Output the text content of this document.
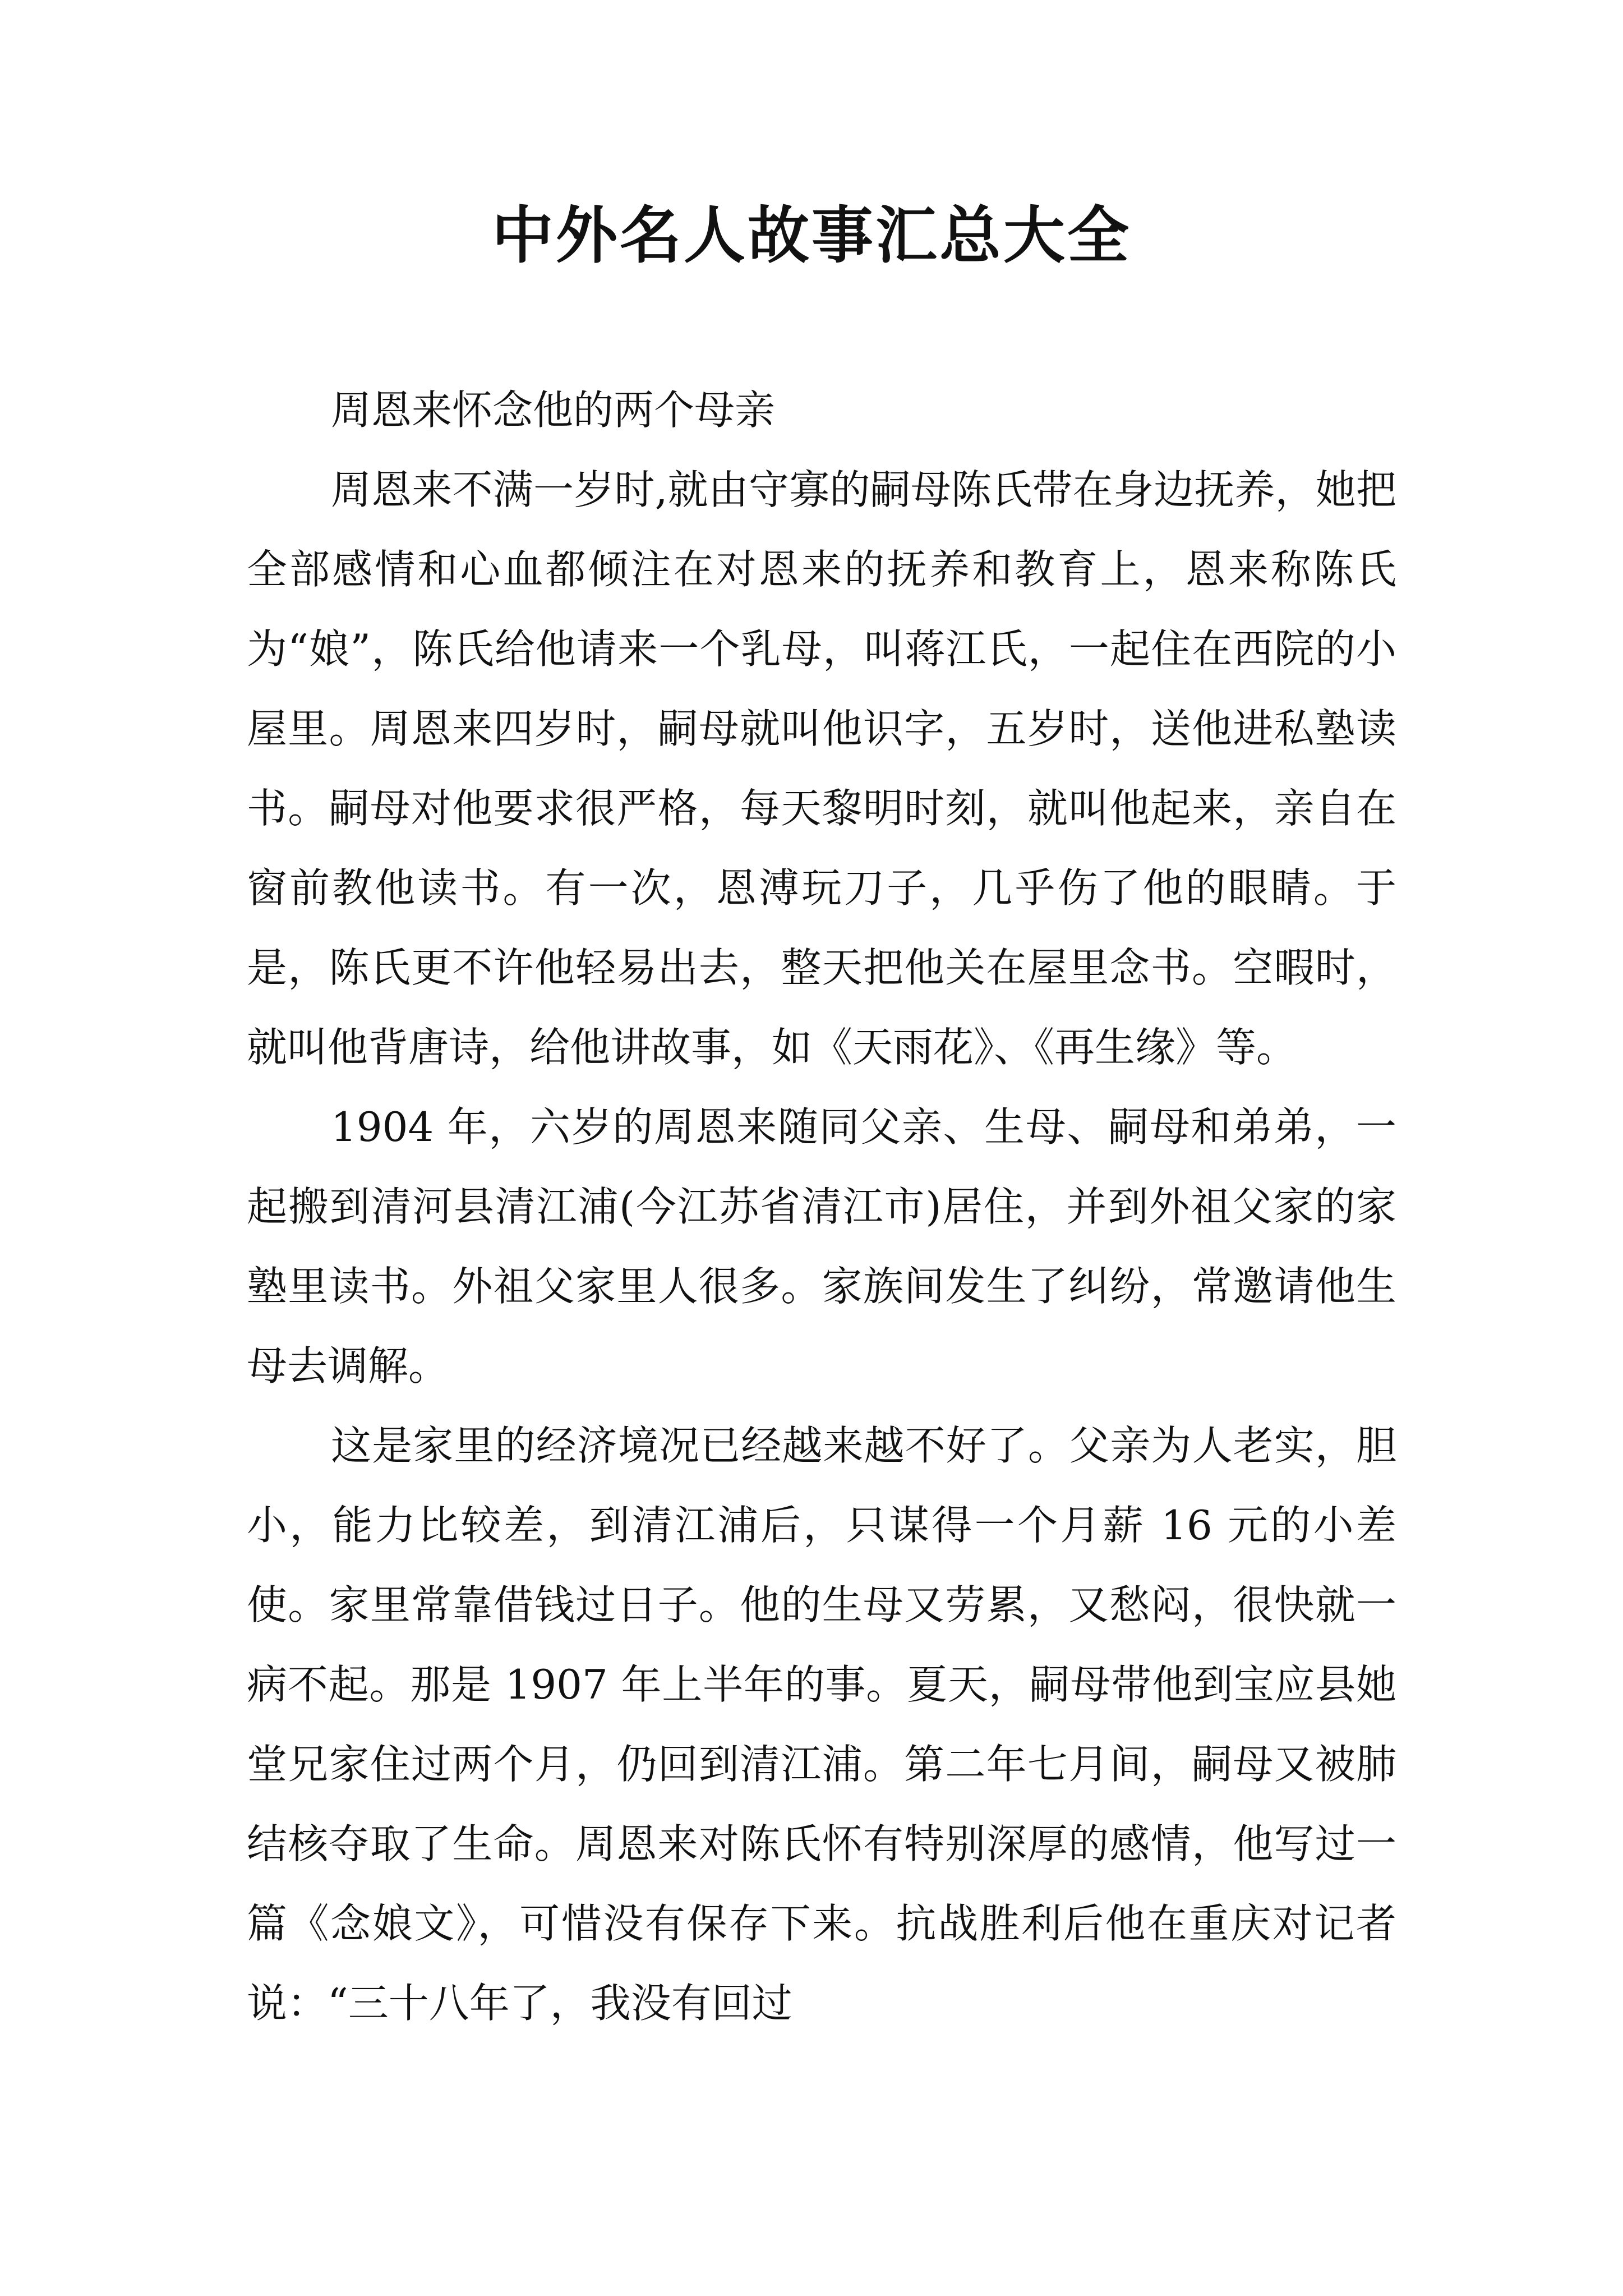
中外名人故事汇总大全

周恩来怀念他的两个母亲

周恩来不满一岁时,就由守寡的嗣母陈氏带在身边抚养，她把全部感情和心血都倾注在对恩来的抚养和教育上，恩来称陈氏为“娘”，陈氏给他请来一个乳母，叫蒋江氏，一起住在西院的小屋里。周恩来四岁时，嗣母就叫他识字，五岁时，送他进私塾读书。嗣母对他要求很严格，每天黎明时刻，就叫他起来，亲自在窗前教他读书。有一次，恩溥玩刀子，几乎伤了他的眼睛。于是，陈氏更不许他轻易出去，整天把他关在屋里念书。空暇时，就叫他背唐诗，给他讲故事，如《天雨花》、《再生缘》等。

1904 年，六岁的周恩来随同父亲、生母、嗣母和弟弟，一起搬到清河县清江浦(今江苏省清江市)居住，并到外祖父家的家塾里读书。外祖父家里人很多。家族间发生了纠纷，常邀请他生母去调解。

这是家里的经济境况已经越来越不好了。父亲为人老实，胆小，能力比较差，到清江浦后，只谋得一个月薪 16 元的小差使。家里常靠借钱过日子。他的生母又劳累，又愁闷，很快就一病不起。那是 1907 年上半年的事。夏天，嗣母带他到宝应县她堂兄家住过两个月，仍回到清江浦。第二年七月间，嗣母又被肺结核夺取了生命。周恩来对陈氏怀有特别深厚的感情，他写过一篇《念娘文》，可惜没有保存下来。抗战胜利后他在重庆对记者说：“三十八年了，我没有回过
